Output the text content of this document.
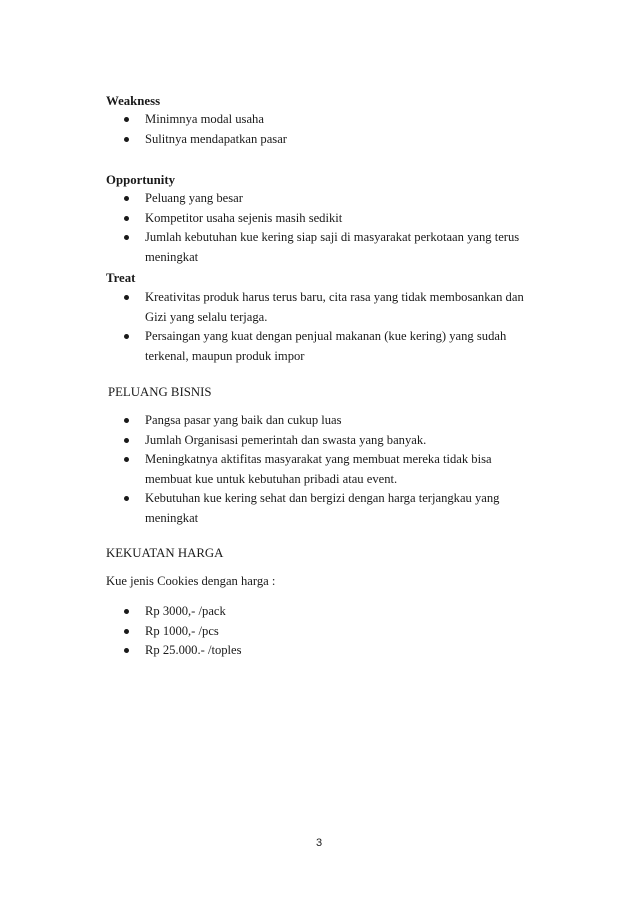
Weakness
Minimnya modal usaha
Sulitnya mendapatkan pasar
Opportunity
Peluang yang besar
Kompetitor usaha sejenis masih sedikit
Jumlah kebutuhan kue kering siap saji di masyarakat perkotaan yang terus meningkat
Treat
Kreativitas produk harus terus baru, cita rasa yang tidak membosankan dan Gizi yang selalu terjaga.
Persaingan yang kuat dengan penjual makanan (kue kering) yang sudah terkenal, maupun produk impor
PELUANG BISNIS
Pangsa pasar yang baik dan cukup luas
Jumlah Organisasi pemerintah dan swasta yang banyak.
Meningkatnya aktifitas masyarakat yang membuat mereka tidak bisa membuat kue untuk kebutuhan pribadi atau event.
Kebutuhan kue kering sehat dan bergizi dengan harga terjangkau yang meningkat
KEKUATAN HARGA
Kue jenis Cookies dengan harga :
Rp 3000,- /pack
Rp 1000,- /pcs
Rp 25.000.- /toples
3
